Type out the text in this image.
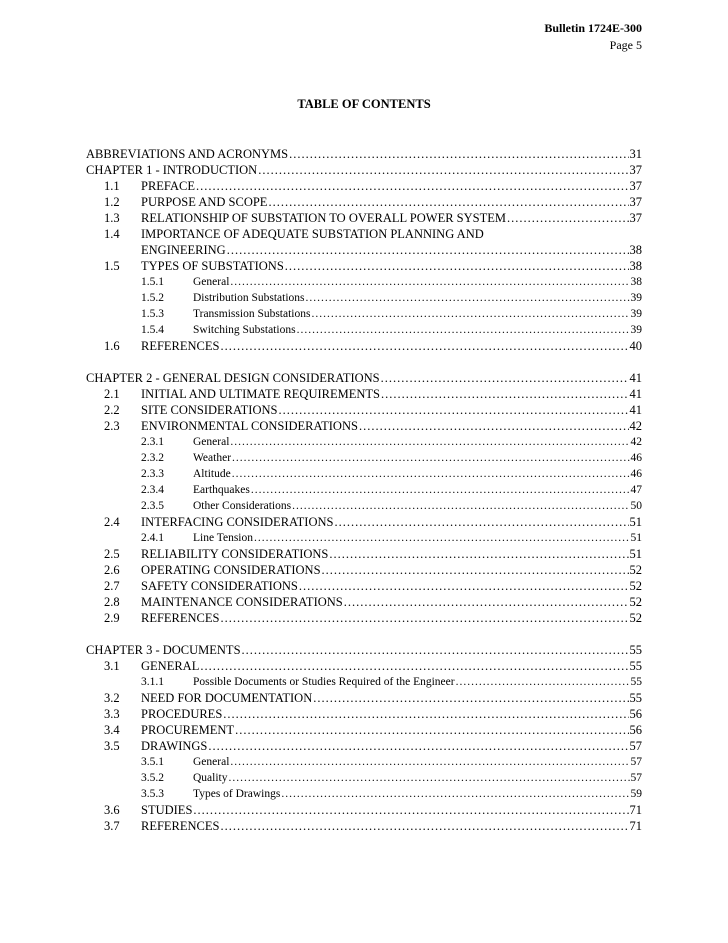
Bulletin 1724E-300
Page 5
TABLE OF CONTENTS
ABBREVIATIONS AND ACRONYMS .....	31
CHAPTER 1 - INTRODUCTION .....	37
1.1	PREFACE .....	37
1.2	PURPOSE AND SCOPE .....	37
1.3	RELATIONSHIP OF SUBSTATION TO OVERALL POWER SYSTEM .....	37
1.4	IMPORTANCE OF ADEQUATE SUBSTATION PLANNING AND
ENGINEERING .....	38
1.5	TYPES OF SUBSTATIONS .....	38
1.5.1	General .....	38
1.5.2	Distribution Substations .....	39
1.5.3	Transmission Substations .....	39
1.5.4	Switching Substations .....	39
1.6	REFERENCES .....	40
CHAPTER 2 - GENERAL DESIGN CONSIDERATIONS .....	41
2.1	INITIAL AND ULTIMATE REQUIREMENTS .....	41
2.2	SITE CONSIDERATIONS .....	41
2.3	ENVIRONMENTAL CONSIDERATIONS .....	42
2.3.1	General .....	42
2.3.2	Weather .....	46
2.3.3	Altitude .....	46
2.3.4	Earthquakes .....	47
2.3.5	Other Considerations .....	50
2.4	INTERFACING CONSIDERATIONS .....	51
2.4.1	Line Tension .....	51
2.5	RELIABILITY CONSIDERATIONS .....	51
2.6	OPERATING CONSIDERATIONS .....	52
2.7	SAFETY CONSIDERATIONS .....	52
2.8	MAINTENANCE CONSIDERATIONS .....	52
2.9	REFERENCES .....	52
CHAPTER 3 - DOCUMENTS .....	55
3.1	GENERAL .....	55
3.1.1	Possible Documents or Studies Required of the Engineer .....	55
3.2	NEED FOR DOCUMENTATION .....	55
3.3	PROCEDURES .....	56
3.4	PROCUREMENT .....	56
3.5	DRAWINGS .....	57
3.5.1	General .....	57
3.5.2	Quality .....	57
3.5.3	Types of Drawings .....	59
3.6	STUDIES .....	71
3.7	REFERENCES .....	71
